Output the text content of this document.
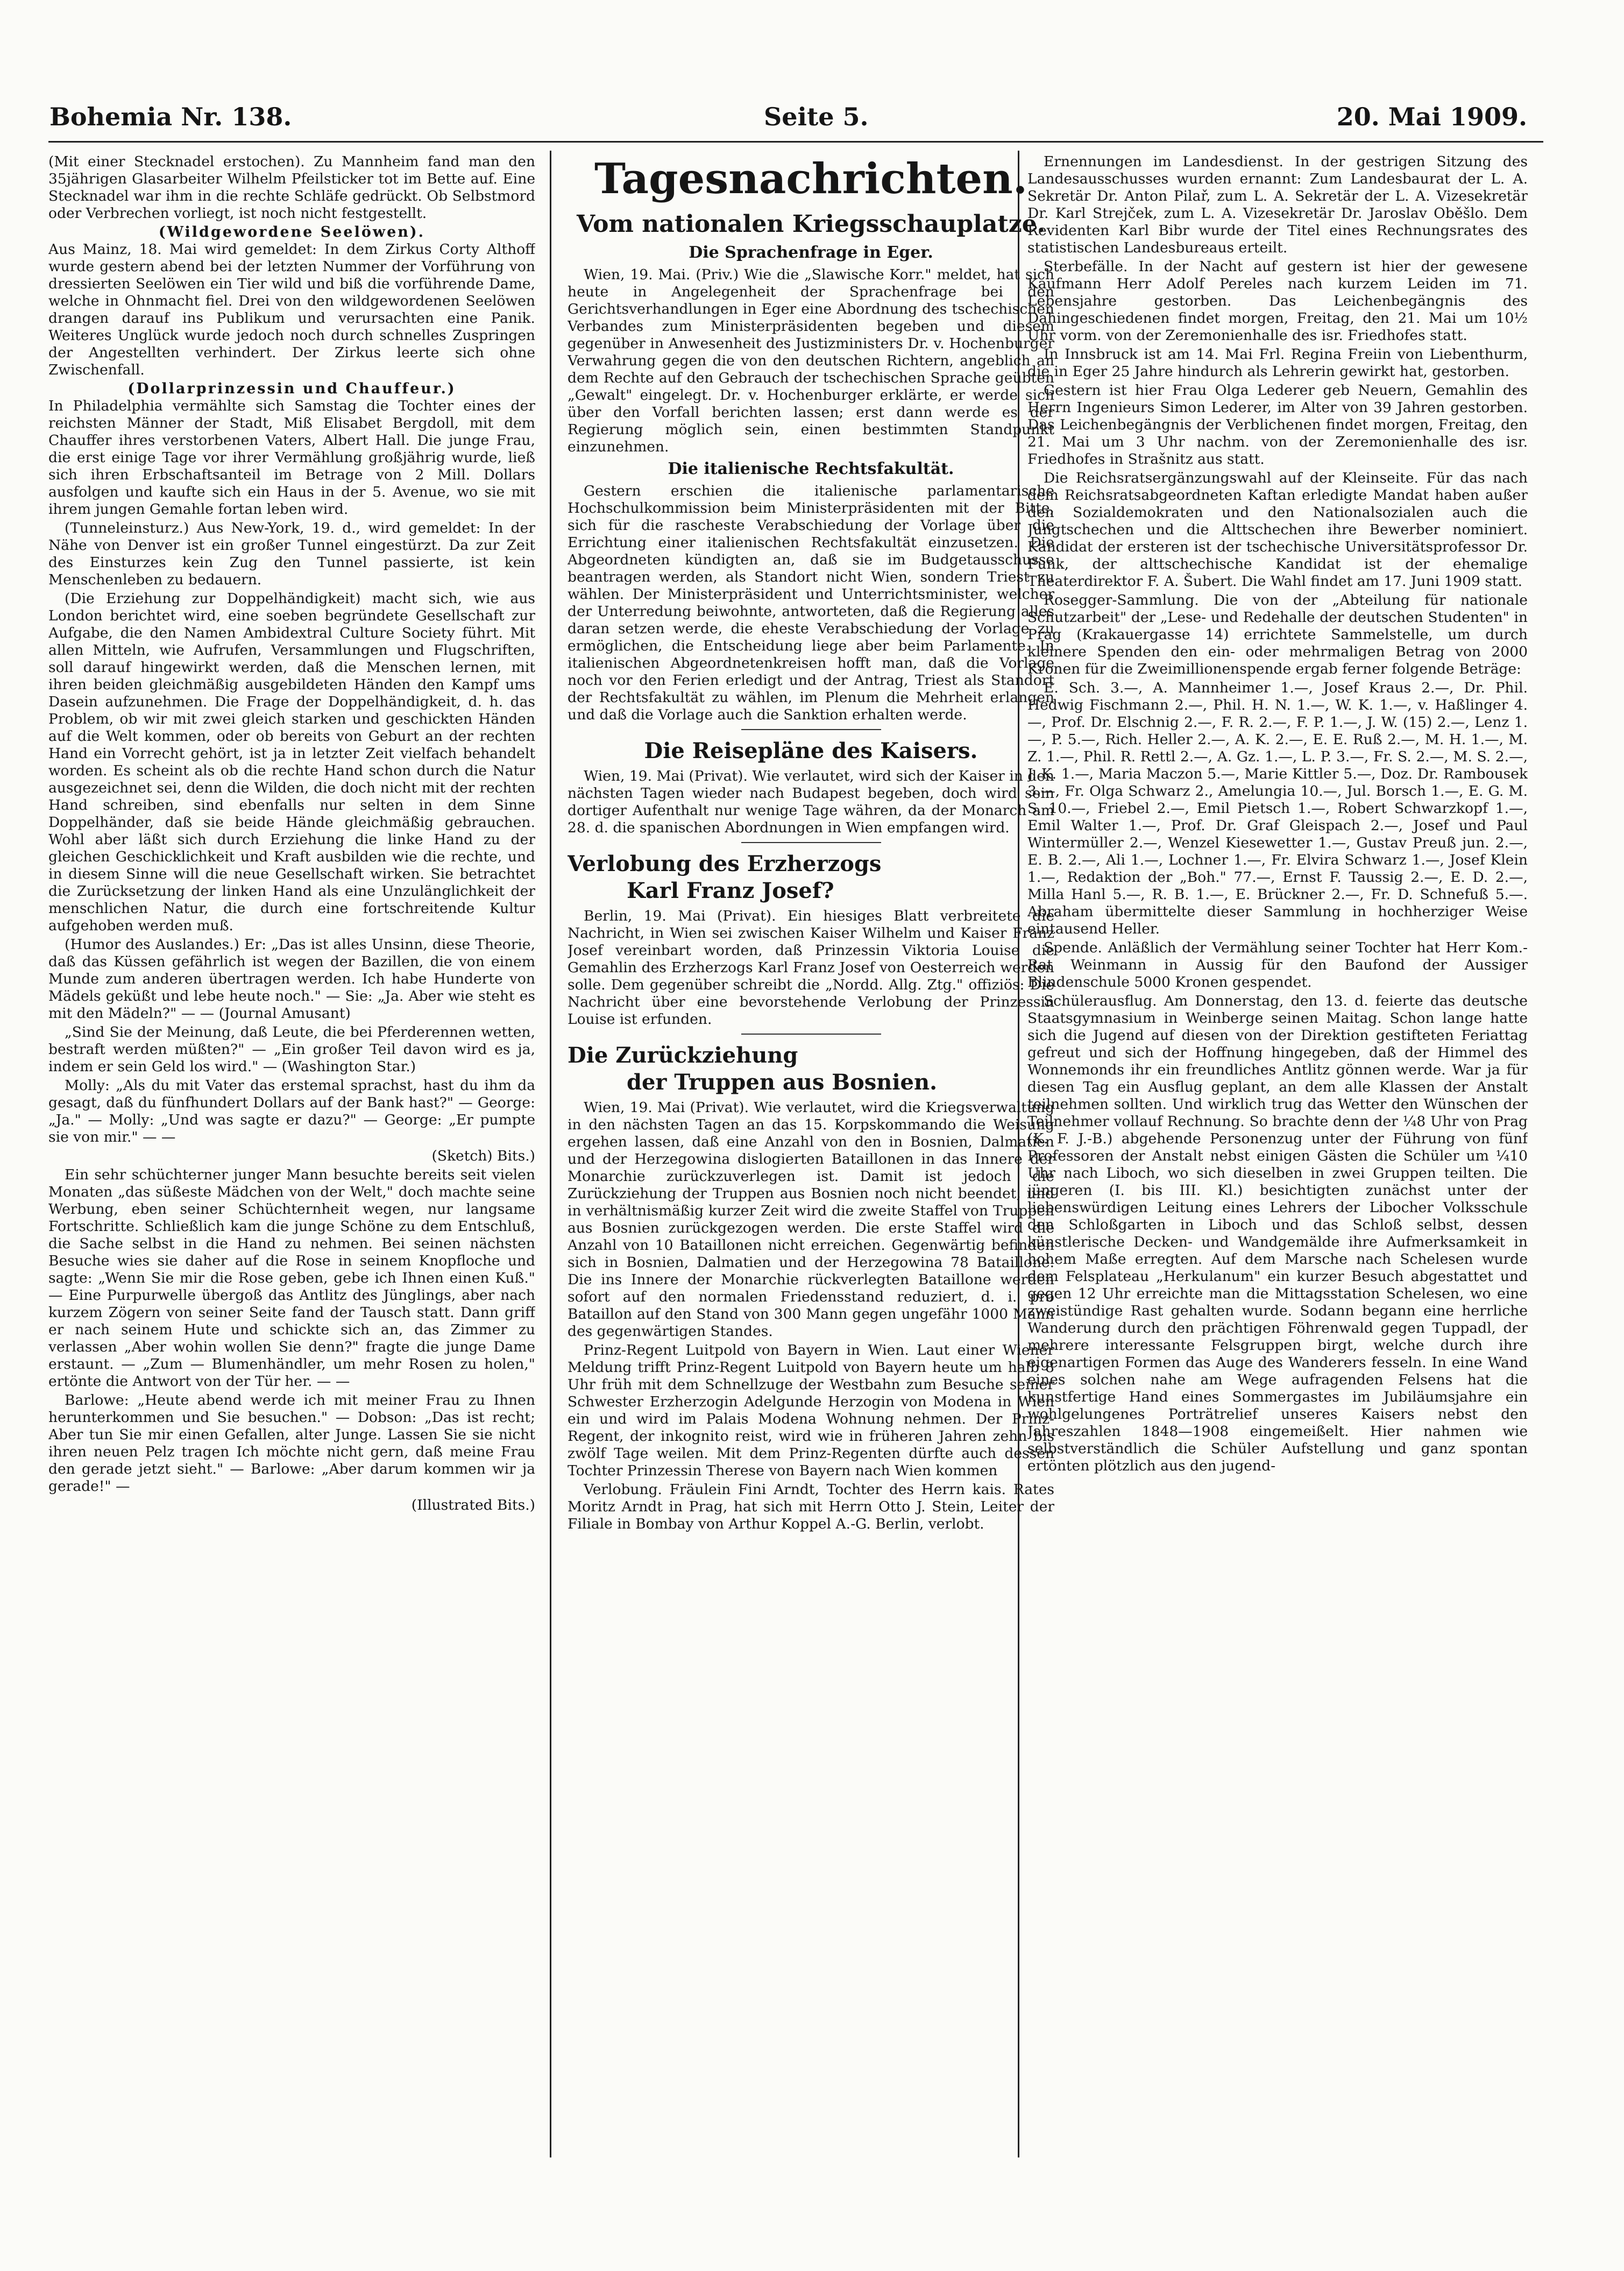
Bohemia Nr. 138.	Seite 5.	20. Mai 1909.

(Mit einer Stecknadel erstochen). Zu Mannheim fand man den 35jährigen Glasarbeiter Wilhelm Pfeilsticker tot im Bette auf. Eine Stecknadel war ihm in die rechte Schläfe gedrückt. Ob Selbstmord oder Verbrechen vorliegt, ist noch nicht festgestellt.

(Wildgewordene Seelöwen).

Aus Mainz, 18. Mai wird gemeldet: In dem Zirkus Corty Althoff wurde gestern abend bei der letzten Nummer der Vorführung von dressierten Seelöwen ein Tier wild und biß die vorführende Dame, welche in Ohnmacht fiel. Drei von den wildgewordenen Seelöwen drangen darauf ins Publikum und verursachten eine Panik. Weiteres Unglück wurde jedoch noch durch schnelles Zuspringen der Angestellten verhindert. Der Zirkus leerte sich ohne Zwischenfall.

(Dollarprinzessin und Chauffeur.)

In Philadelphia vermählte sich Samstag die Tochter eines der reichsten Männer der Stadt, Miß Elisabet Bergdoll, mit dem Chauffer ihres verstorbenen Vaters, Albert Hall. Die junge Frau, die erst einige Tage vor ihrer Vermählung großjährig wurde, ließ sich ihren Erbschaftsanteil im Betrage von 2 Mill. Dollars ausfolgen und kaufte sich ein Haus in der 5. Avenue, wo sie mit ihrem jungen Gemahle fortan leben wird.

(Tunneleinsturz.) Aus New-York, 19. d., wird gemeldet: In der Nähe von Denver ist ein großer Tunnel eingestürzt. Da zur Zeit des Einsturzes kein Zug den Tunnel passierte, ist kein Menschenleben zu bedauern.

(Die Erziehung zur Doppelhändigkeit) macht sich, wie aus London berichtet wird, eine soeben begründete Gesellschaft zur Aufgabe, die den Namen Ambidextral Culture Society führt. Mit allen Mitteln, wie Aufrufen, Versammlungen und Flugschriften, soll darauf hingewirkt werden, daß die Menschen lernen, mit ihren beiden gleichmäßig ausgebildeten Händen den Kampf ums Dasein aufzunehmen. Die Frage der Doppelhändigkeit, d. h. das Problem, ob wir mit zwei gleich starken und geschickten Händen auf die Welt kommen, oder ob bereits von Geburt an der rechten Hand ein Vorrecht gehört, ist ja in letzter Zeit vielfach behandelt worden. Es scheint als ob die rechte Hand schon durch die Natur ausgezeichnet sei, denn die Wilden, die doch nicht mit der rechten Hand schreiben, sind ebenfalls nur selten in dem Sinne Doppelhänder, daß sie beide Hände gleichmäßig gebrauchen. Wohl aber läßt sich durch Erziehung die linke Hand zu der gleichen Geschicklichkeit und Kraft ausbilden wie die rechte, und in diesem Sinne will die neue Gesellschaft wirken. Sie betrachtet die Zurücksetzung der linken Hand als eine Unzulänglichkeit der menschlichen Natur, die durch eine fortschreitende Kultur aufgehoben werden muß.

(Humor des Auslandes.) Er: „Das ist alles Unsinn, diese Theorie, daß das Küssen gefährlich ist wegen der Bazillen, die von einem Munde zum anderen übertragen werden. Ich habe Hunderte von Mädels geküßt und lebe heute noch." — Sie: „Ja. Aber wie steht es mit den Mädeln?" — — (Journal Amusant)

„Sind Sie der Meinung, daß Leute, die bei Pferderennen wetten, bestraft werden müßten?" — „Ein großer Teil davon wird es ja, indem er sein Geld los wird." — (Washington Star.)

Molly: „Als du mit Vater das erstemal sprachst, hast du ihm da gesagt, daß du fünfhundert Dollars auf der Bank hast?" — George: „Ja." — Molly: „Und was sagte er dazu?" — George: „Er pumpte sie von mir." — —

(Sketch) Bits.)

Ein sehr schüchterner junger Mann besuchte bereits seit vielen Monaten „das süßeste Mädchen von der Welt," doch machte seine Werbung, eben seiner Schüchternheit wegen, nur langsame Fortschritte. Schließlich kam die junge Schöne zu dem Entschluß, die Sache selbst in die Hand zu nehmen. Bei seinen nächsten Besuche wies sie daher auf die Rose in seinem Knopfloche und sagte: „Wenn Sie mir die Rose geben, gebe ich Ihnen einen Kuß." — Eine Purpurwelle übergoß das Antlitz des Jünglings, aber nach kurzem Zögern von seiner Seite fand der Tausch statt. Dann griff er nach seinem Hute und schickte sich an, das Zimmer zu verlassen „Aber wohin wollen Sie denn?" fragte die junge Dame erstaunt. — „Zum — Blumenhändler, um mehr Rosen zu holen," ertönte die Antwort von der Tür her. — —

Barlowe: „Heute abend werde ich mit meiner Frau zu Ihnen herunterkommen und Sie besuchen." — Dobson: „Das ist recht; Aber tun Sie mir einen Gefallen, alter Junge. Lassen Sie sie nicht ihren neuen Pelz tragen Ich möchte nicht gern, daß meine Frau den gerade jetzt sieht." — Barlowe: „Aber darum kommen wir ja gerade!" —

(Illustrated Bits.)
Tagesnachrichten.
Vom nationalen Kriegsschauplatze.
Die Sprachenfrage in Eger.

Wien, 19. Mai. (Priv.) Wie die „Slawische Korr." meldet, hat sich heute in Angelegenheit der Sprachenfrage bei den Gerichtsverhandlungen in Eger eine Abordnung des tschechischen Verbandes zum Ministerpräsidenten begeben und diesem gegenüber in Anwesenheit des Justizministers Dr. v. Hochenburger Verwahrung gegen die von den deutschen Richtern, angeblich an dem Rechte auf den Gebrauch der tschechischen Sprache geübten „Gewalt" eingelegt. Dr. v. Hochenburger erklärte, er werde sich über den Vorfall berichten lassen; erst dann werde es der Regierung möglich sein, einen bestimmten Standpunkt einzunehmen.

Die italienische Rechtsfakultät.

Gestern erschien die italienische parlamentarische Hochschulkommission beim Ministerpräsidenten mit der Bitte, sich für die rascheste Verabschiedung der Vorlage über die Errichtung einer italienischen Rechtsfakultät einzusetzen. Die Abgeordneten kündigten an, daß sie im Budgetausschusse beantragen werden, als Standort nicht Wien, sondern Triest zu wählen. Der Ministerpräsident und Unterrichtsminister, welcher der Unterredung beiwohnte, antworteten, daß die Regierung alles daran setzen werde, die eheste Verabschiedung der Vorlage zu ermöglichen, die Entscheidung liege aber beim Parlamente. In italienischen Abgeordnetenkreisen hofft man, daß die Vorlage noch vor den Ferien erledigt und der Antrag, Triest als Standort der Rechtsfakultät zu wählen, im Plenum die Mehrheit erlangen und daß die Vorlage auch die Sanktion erhalten werde.

Die Reisepläne des Kaisers.

Wien, 19. Mai (Privat). Wie verlautet, wird sich der Kaiser in den nächsten Tagen wieder nach Budapest begeben, doch wird sein dortiger Aufenthalt nur wenige Tage währen, da der Monarch am 28. d. die spanischen Abordnungen in Wien empfangen wird.

Verlobung des Erzherzogs
Karl Franz Josef?

Berlin, 19. Mai (Privat). Ein hiesiges Blatt verbreitete die Nachricht, in Wien sei zwischen Kaiser Wilhelm und Kaiser Franz Josef vereinbart worden, daß Prinzessin Viktoria Louise die Gemahlin des Erzherzogs Karl Franz Josef von Oesterreich werden solle. Dem gegenüber schreibt die „Nordd. Allg. Ztg." offiziös: Die Nachricht über eine bevorstehende Verlobung der Prinzessin Louise ist erfunden.

Die Zurückziehung
der Truppen aus Bosnien.

Wien, 19. Mai (Privat). Wie verlautet, wird die Kriegsverwaltung in den nächsten Tagen an das 15. Korpskommando die Weisung ergehen lassen, daß eine Anzahl von den in Bosnien, Dalmatien und der Herzegowina dislogierten Bataillonen in das Innere der Monarchie zurückzuverlegen ist. Damit ist jedoch die Zurückziehung der Truppen aus Bosnien noch nicht beendet, und in verhältnismäßig kurzer Zeit wird die zweite Staffel von Truppen aus Bosnien zurückgezogen werden. Die erste Staffel wird die Anzahl von 10 Bataillonen nicht erreichen. Gegenwärtig befinden sich in Bosnien, Dalmatien und der Herzegowina 78 Bataillone. Die ins Innere der Monarchie rückverlegten Bataillone werden sofort auf den normalen Friedensstand reduziert, d. i. pro Bataillon auf den Stand von 300 Mann gegen ungefähr 1000 Mann des gegenwärtigen Standes.

Prinz-Regent Luitpold von Bayern in Wien. Laut einer Wiener Meldung trifft Prinz-Regent Luitpold von Bayern heute um halb 8 Uhr früh mit dem Schnellzuge der Westbahn zum Besuche seiner Schwester Erzherzogin Adelgunde Herzogin von Modena in Wien ein und wird im Palais Modena Wohnung nehmen. Der Prinz-Regent, der inkognito reist, wird wie in früheren Jahren zehn bis zwölf Tage weilen. Mit dem Prinz-Regenten dürfte auch dessen Tochter Prinzessin Therese von Bayern nach Wien kommen

Verlobung. Fräulein Fini Arndt, Tochter des Herrn kais. Rates Moritz Arndt in Prag, hat sich mit Herrn Otto J. Stein, Leiter der Filiale in Bombay von Arthur Koppel A.-G. Berlin, verlobt.

Ernennungen im Landesdienst. In der gestrigen Sitzung des Landesausschusses wurden ernannt: Zum Landesbaurat der L. A. Sekretär Dr. Anton Pilař, zum L. A. Sekretär der L. A. Vizesekretär Dr. Karl Strejček, zum L. A. Vizesekretär Dr. Jaroslav Oběšlo. Dem Revidenten Karl Bibr wurde der Titel eines Rechnungsrates des statistischen Landesbureaus erteilt.

Sterbefälle. In der Nacht auf gestern ist hier der gewesene Kaufmann Herr Adolf Pereles nach kurzem Leiden im 71. Lebensjahre gestorben. Das Leichenbegängnis des Dahingeschiedenen findet morgen, Freitag, den 21. Mai um 10½ Uhr vorm. von der Zeremonienhalle des isr. Friedhofes statt.

In Innsbruck ist am 14. Mai Frl. Regina Freiin von Liebenthurm, die in Eger 25 Jahre hindurch als Lehrerin gewirkt hat, gestorben.

Gestern ist hier Frau Olga Lederer geb Neuern, Gemahlin des Herrn Ingenieurs Simon Lederer, im Alter von 39 Jahren gestorben. Das Leichenbegängnis der Verblichenen findet morgen, Freitag, den 21. Mai um 3 Uhr nachm. von der Zeremonienhalle des isr. Friedhofes in Strašnitz aus statt.

Die Reichsratsergänzungswahl auf der Kleinseite. Für das nach dem Reichsratsabgeordneten Kaftan erledigte Mandat haben außer den Sozialdemokraten und den Nationalsozialen auch die Jungtschechen und die Alttschechen ihre Bewerber nominiert. Kandidat der ersteren ist der tschechische Universitätsprofessor Dr. Funk, der alttschechische Kandidat ist der ehemalige Theaterdirektor F. A. Šubert. Die Wahl findet am 17. Juni 1909 statt.

Rosegger-Sammlung. Die von der „Abteilung für nationale Schutzarbeit" der „Lese- und Redehalle der deutschen Studenten" in Prag (Krakauergasse 14) errichtete Sammelstelle, um durch kleinere Spenden den ein- oder mehrmaligen Betrag von 2000 Kronen für die Zweimillionenspende ergab ferner folgende Beträge:

E. Sch. 3.—, A. Mannheimer 1.—, Josef Kraus 2.—, Dr. Phil. Hedwig Fischmann 2.—, Phil. H. N. 1.—, W. K. 1.—, v. Haßlinger 4.—, Prof. Dr. Elschnig 2.—, F. R. 2.—, F. P. 1.—, J. W. (15) 2.—, Lenz 1.—, P. 5.—, Rich. Heller 2.—, A. K. 2.—, E. E. Ruß 2.—, M. H. 1.—, M. Z. 1.—, Phil. R. Rettl 2.—, A. Gz. 1.—, L. P. 3.—, Fr. S. 2.—, M. S. 2.—, J. K. 1.—, Maria Maczon 5.—, Marie Kittler 5.—, Doz. Dr. Rambousek 3.—, Fr. Olga Schwarz 2., Amelungia 10.—, Jul. Borsch 1.—, E. G. M. S. 10.—, Friebel 2.—, Emil Pietsch 1.—, Robert Schwarzkopf 1.—, Emil Walter 1.—, Prof. Dr. Graf Gleispach 2.—, Josef und Paul Wintermüller 2.—, Wenzel Kiesewetter 1.—, Gustav Preuß jun. 2.—, E. B. 2.—, Ali 1.—, Lochner 1.—, Fr. Elvira Schwarz 1.—, Josef Klein 1.—, Redaktion der „Boh." 77.—, Ernst F. Taussig 2.—, E. D. 2.—, Milla Hanl 5.—, R. B. 1.—, E. Brückner 2.—, Fr. D. Schnefuß 5.—. Abraham übermittelte dieser Sammlung in hochherziger Weise eintausend Heller.

Spende. Anläßlich der Vermählung seiner Tochter hat Herr Kom.-Rat Weinmann in Aussig für den Baufond der Aussiger Blindenschule 5000 Kronen gespendet.

Schülerausflug. Am Donnerstag, den 13. d. feierte das deutsche Staatsgymnasium in Weinberge seinen Maitag. Schon lange hatte sich die Jugend auf diesen von der Direktion gestifteten Feriattag gefreut und sich der Hoffnung hingegeben, daß der Himmel des Wonnemonds ihr ein freundliches Antlitz gönnen werde. War ja für diesen Tag ein Ausflug geplant, an dem alle Klassen der Anstalt teilnehmen sollten. Und wirklich trug das Wetter den Wünschen der Teilnehmer vollauf Rechnung. So brachte denn der ¼8 Uhr von Prag (K. F. J.-B.) abgehende Personenzug unter der Führung von fünf Professoren der Anstalt nebst einigen Gästen die Schüler um ¼10 Uhr nach Liboch, wo sich dieselben in zwei Gruppen teilten. Die jüngeren (I. bis III. Kl.) besichtigten zunächst unter der liebenswürdigen Leitung eines Lehrers der Libocher Volksschule den Schloßgarten in Liboch und das Schloß selbst, dessen künstlerische Decken- und Wandgemälde ihre Aufmerksamkeit in hohem Maße erregten. Auf dem Marsche nach Schelesen wurde dem Felsplateau „Herkulanum" ein kurzer Besuch abgestattet und gegen 12 Uhr erreichte man die Mittagsstation Schelesen, wo eine zweistündige Rast gehalten wurde. Sodann begann eine herrliche Wanderung durch den prächtigen Föhrenwald gegen Tuppadl, der mehrere interessante Felsgruppen birgt, welche durch ihre eigenartigen Formen das Auge des Wanderers fesseln. In eine Wand eines solchen nahe am Wege aufragenden Felsens hat die kunstfertige Hand eines Sommergastes im Jubiläumsjahre ein wohlgelungenes Porträtrelief unseres Kaisers nebst den Jahreszahlen 1848—1908 eingemeißelt. Hier nahmen wie selbstverständlich die Schüler Aufstellung und ganz spontan ertönten plötzlich aus den jugend-
